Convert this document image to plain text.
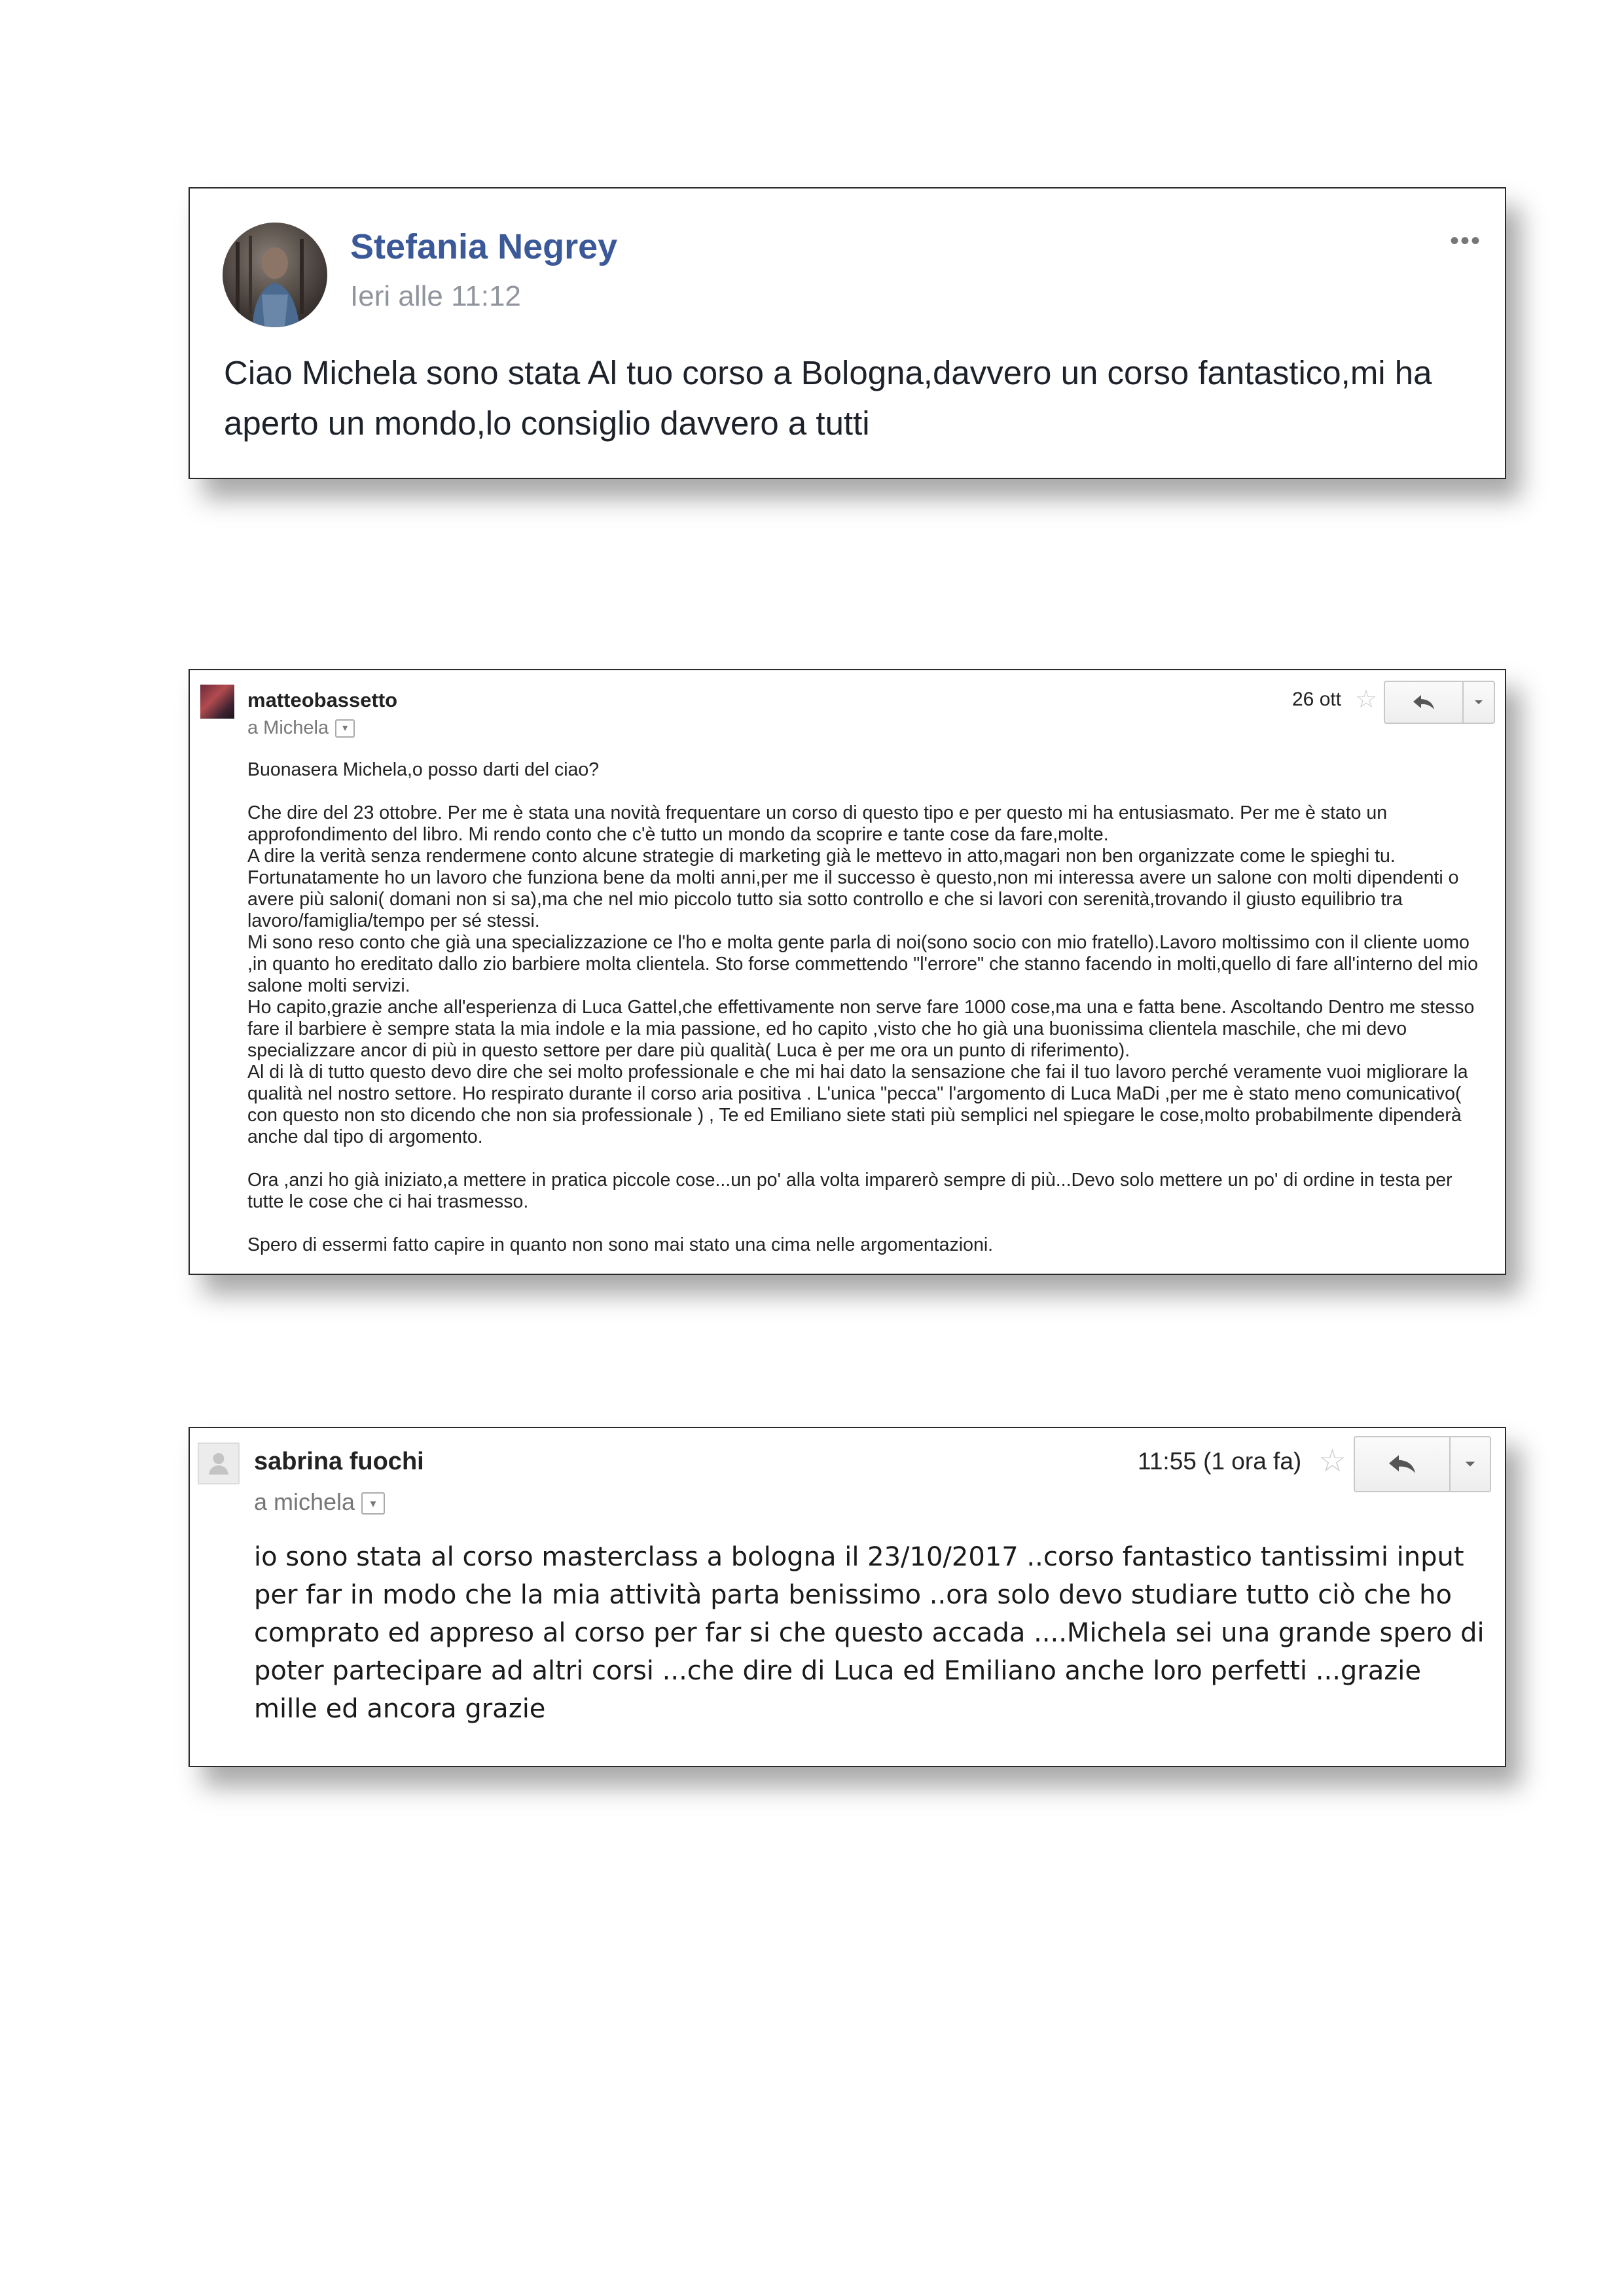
Stefania Negrey
Ieri alle 11:12
•••
Ciao Michela sono stata Al tuo corso a Bologna,davvero un corso fantastico,mi ha aperto un mondo,lo consiglio davvero a tutti
matteobassetto
a Michela ▾
26 ott ☆

Buonasera Michela,o posso darti del ciao?

Che dire del 23 ottobre. Per me è stata una novità frequentare un corso di questo tipo e per questo mi ha entusiasmato. Per me è stato un approfondimento del libro. Mi rendo conto che c'è tutto un mondo da scoprire e tante cose da fare,molte.

A dire la verità senza rendermene conto alcune strategie di marketing già le mettevo in atto,magari non ben organizzate come le spieghi tu.

Fortunatamente ho un lavoro che funziona bene da molti anni,per me il successo è questo,non mi interessa avere un salone con molti dipendenti o avere più saloni( domani non si sa),ma che nel mio piccolo tutto sia sotto controllo e che si lavori con serenità,trovando il giusto equilibrio tra lavoro/famiglia/tempo per sé stessi.

Mi sono reso conto che già una specializzazione ce l'ho e molta gente parla di noi(sono socio con mio fratello).Lavoro moltissimo con il cliente uomo ,in quanto ho ereditato dallo zio barbiere molta clientela. Sto forse commettendo "l'errore" che stanno facendo in molti,quello di fare all'interno del mio salone molti servizi.

Ho capito,grazie anche all'esperienza di Luca Gattel,che effettivamente non serve fare 1000 cose,ma una e fatta bene. Ascoltando Dentro me stesso fare il barbiere è sempre stata la mia indole e la mia passione, ed ho capito ,visto che ho già una buonissima clientela maschile, che mi devo specializzare ancor di più in questo settore per dare più qualità( Luca è per me ora un punto di riferimento).

Al di là di tutto questo devo dire che sei molto professionale e che mi hai dato la sensazione che fai il tuo lavoro perché veramente vuoi migliorare la qualità nel nostro settore. Ho respirato durante il corso aria positiva . L'unica "pecca" l'argomento di Luca MaDi ,per me è stato meno comunicativo( con questo non sto dicendo che non sia professionale ) , Te ed Emiliano siete stati più semplici nel spiegare le cose,molto probabilmente dipenderà anche dal tipo di argomento.

Ora ,anzi ho già iniziato,a mettere in pratica piccole cose...un po' alla volta imparerò sempre di più...Devo solo mettere un po' di ordine in testa per tutte le cose che ci hai trasmesso.

Spero di essermi fatto capire in quanto non sono mai stato una cima nelle argomentazioni.

sabrina fuochi
a michela ▾
11:55 (1 ora fa) ☆
io sono stata al corso masterclass a bologna il 23/10/2017 ..corso fantastico tantissimi input per far in modo che la mia attività parta benissimo ..ora solo devo studiare tutto ciò che ho comprato ed appreso al corso per far si che questo accada ....Michela sei una grande spero di poter partecipare ad altri corsi ...che dire di Luca ed Emiliano anche loro perfetti ...grazie mille ed ancora grazie
